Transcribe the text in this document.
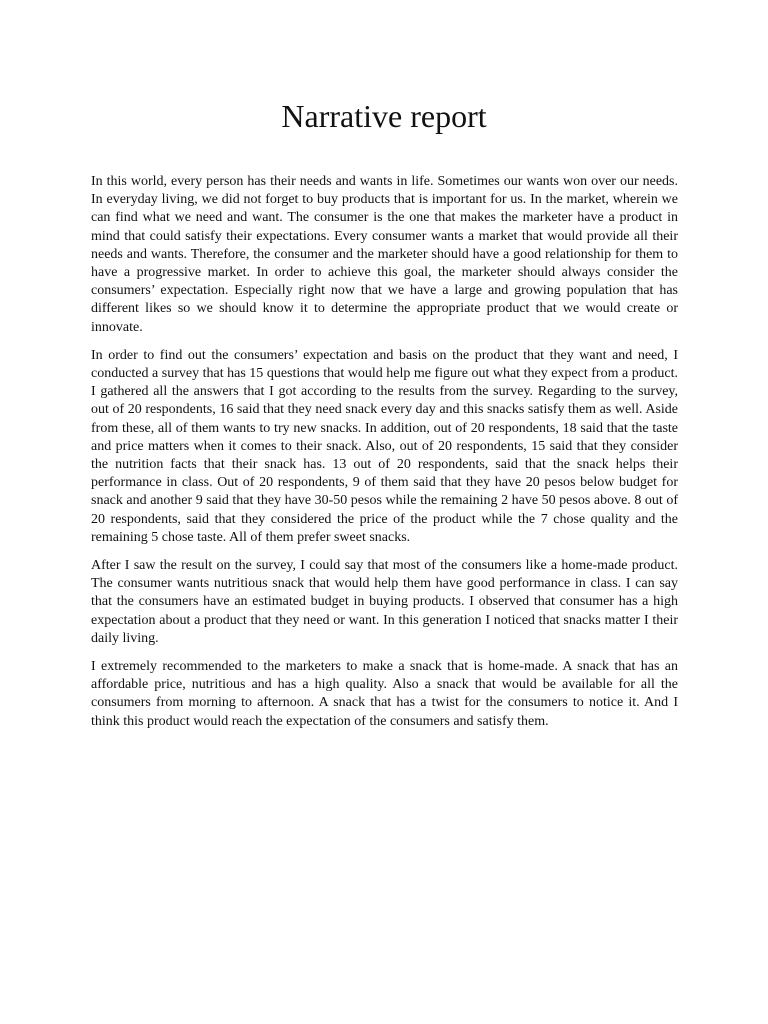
Narrative report

In this world, every person has their needs and wants in life. Sometimes our wants won over our needs. In everyday living, we did not forget to buy products that is important for us. In the market, wherein we can find what we need and want. The consumer is the one that makes the marketer have a product in mind that could satisfy their expectations. Every consumer wants a market that would provide all their needs and wants. Therefore, the consumer and the marketer should have a good relationship for them to have a progressive market. In order to achieve this goal, the marketer should always consider the consumers’ expectation. Especially right now that we have a large and growing population that has different likes so we should know it to determine the appropriate product that we would create or innovate.

In order to find out the consumers’ expectation and basis on the product that they want and need, I conducted a survey that has 15 questions that would help me figure out what they expect from a product. I gathered all the answers that I got according to the results from the survey. Regarding to the survey, out of 20 respondents, 16 said that they need snack every day and this snacks satisfy them as well. Aside from these, all of them wants to try new snacks. In addition, out of 20 respondents, 18 said that the taste and price matters when it comes to their snack. Also, out of 20 respondents, 15 said that they consider the nutrition facts that their snack has. 13 out of 20 respondents, said that the snack helps their performance in class. Out of 20 respondents, 9 of them said that they have 20 pesos below budget for snack and another 9 said that they have 30-50 pesos while the remaining 2 have 50 pesos above. 8 out of 20 respondents, said that they considered the price of the product while the 7 chose quality and the remaining 5 chose taste. All of them prefer sweet snacks.

After I saw the result on the survey, I could say that most of the consumers like a home-made product. The consumer wants nutritious snack that would help them have good performance in class. I can say that the consumers have an estimated budget in buying products. I observed that consumer has a high expectation about a product that they need or want. In this generation I noticed that snacks matter I their daily living.

I extremely recommended to the marketers to make a snack that is home-made. A snack that has an affordable price, nutritious and has a high quality. Also a snack that would be available for all the consumers from morning to afternoon. A snack that has a twist for the consumers to notice it. And I think this product would reach the expectation of the consumers and satisfy them.
